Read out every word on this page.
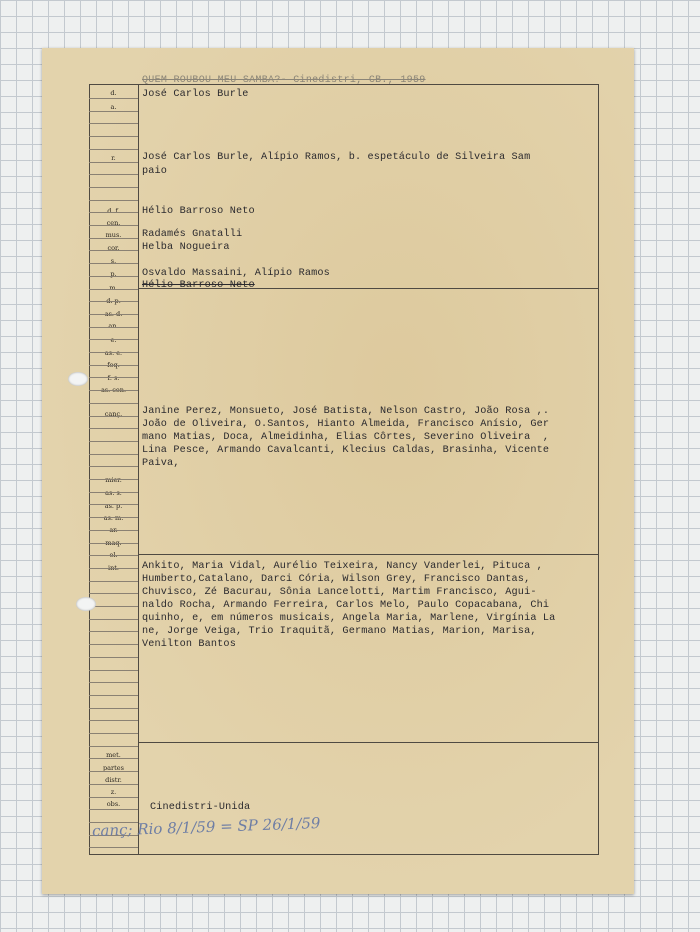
QUEM ROUBOU MEU SAMBA?- Cinedistri, CB., 1959
d.
a.
r.
d. f.
cen.
mus.
cor.
s.
p.
m.
d. p.
as. d.
an.
e.
as. e.
foq.
f. s.
as. cen.
canç.
mier.
as. s.
as. p.
as. m.
ar.
maq.
el.
int.
met.
partes
distr.
z.
obs.
José Carlos Burle
José Carlos Burle, Alípio Ramos, b. espetáculo de Silveira Sam
paio
Hélio Barroso Neto
Radamés Gnatalli
Helba Nogueira
Osvaldo Massaini, Alípio Ramos
Hélio Barroso Neto
Janine Perez, Monsueto, José Batista, Nelson Castro, João Rosa ,.
João de Oliveira, O.Santos, Hianto Almeida, Francisco Anísio, Ger
mano Matias, Doca, Almeidinha, Elias Côrtes, Severino Oliveira  ,
Lina Pesce, Armando Cavalcanti, Klecius Caldas, Brasinha, Vicente
Paiva,
Ankito, Maria Vidal, Aurélio Teixeira, Nancy Vanderlei, Pituca ,
Humberto,Catalano, Darci Cória, Wilson Grey, Francisco Dantas,
Chuvisco, Zé Bacurau, Sônia Lancelotti, Martim Francisco, Agui-
naldo Rocha, Armando Ferreira, Carlos Melo, Paulo Copacabana, Chi
quinho, e, em números musicais, Angela Maria, Marlene, Virgínia La
ne, Jorge Veiga, Trio Iraquitã, Germano Matias, Marion, Marisa,
Venilton Bantos
Cinedistri-Unida
canç; Rio 8/1/59 = SP 26/1/59
